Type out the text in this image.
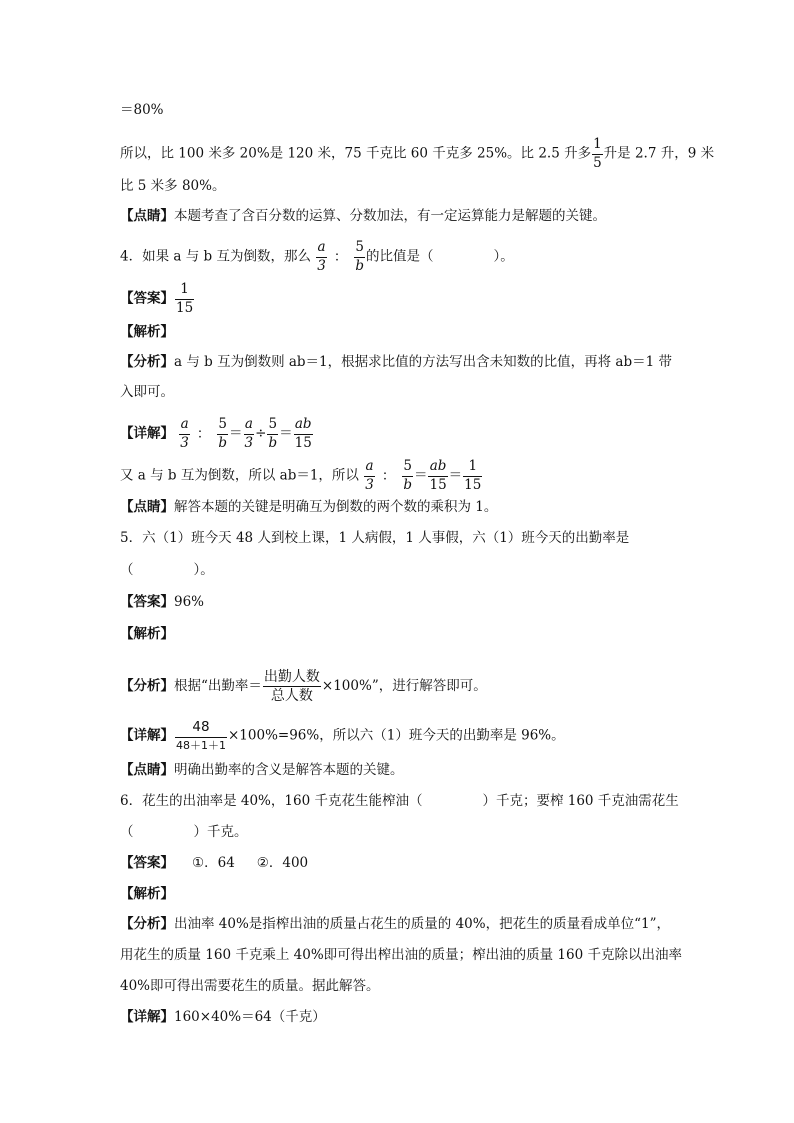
＝80%
所以，比 100 米多 20%是 120 米，75 千克比 60 千克多 25%。比 2.5 升多 $\frac{1}{5}$ 升是 2.7 升，9 米
比 5 米多 80%。
【点睛】本题考查了含百分数的运算、分数加法，有一定运算能力是解题的关键。
4．如果 a 与 b 互为倒数，那么 $\frac{a}{3}$ ： $\frac{5}{b}$ 的比值是（	）。
【答案】 $\frac{1}{15}$
【解析】
【分析】a 与 b 互为倒数则 ab＝1，根据求比值的方法写出含未知数的比值，再将 ab＝1 带
入即可。
【详解】 $\frac{a}{3}$ ： $\frac{5}{b} = \frac{a}{3} \div \frac{5}{b} = \frac{ab}{15}$
又 a 与 b 互为倒数，所以 ab＝1，所以 $\frac{a}{3}$ ： $\frac{5}{b} = \frac{ab}{15} = \frac{1}{15}$
【点睛】解答本题的关键是明确互为倒数的两个数的乘积为 1。
5．六（1）班今天 48 人到校上课，1 人病假，1 人事假，六（1）班今天的出勤率是
（	）。
【答案】96%
【解析】
【分析】根据“出勤率＝ $\frac{\text{出勤人数}}{\text{总人数}} \times 100\%$”，进行解答即可。
【详解】 $\frac{48}{48+1+1} \times 100\%=96\%$，所以六（1）班今天的出勤率是 96%。
【点睛】明确出勤率的含义是解答本题的关键。
6．花生的出油率是 40%，160 千克花生能榨油（	）千克；要榨 160 千克油需花生
（	）千克。
【答案】 ①．64 ②．400
【解析】
【分析】出油率 40%是指榨出油的质量占花生的质量的 40%，把花生的质量看成单位“1”，
用花生的质量 160 千克乘上 40%即可得出榨出油的质量；榨出油的质量 160 千克除以出油率
40%即可得出需要花生的质量。据此解答。
【详解】160×40%＝64（千克）
